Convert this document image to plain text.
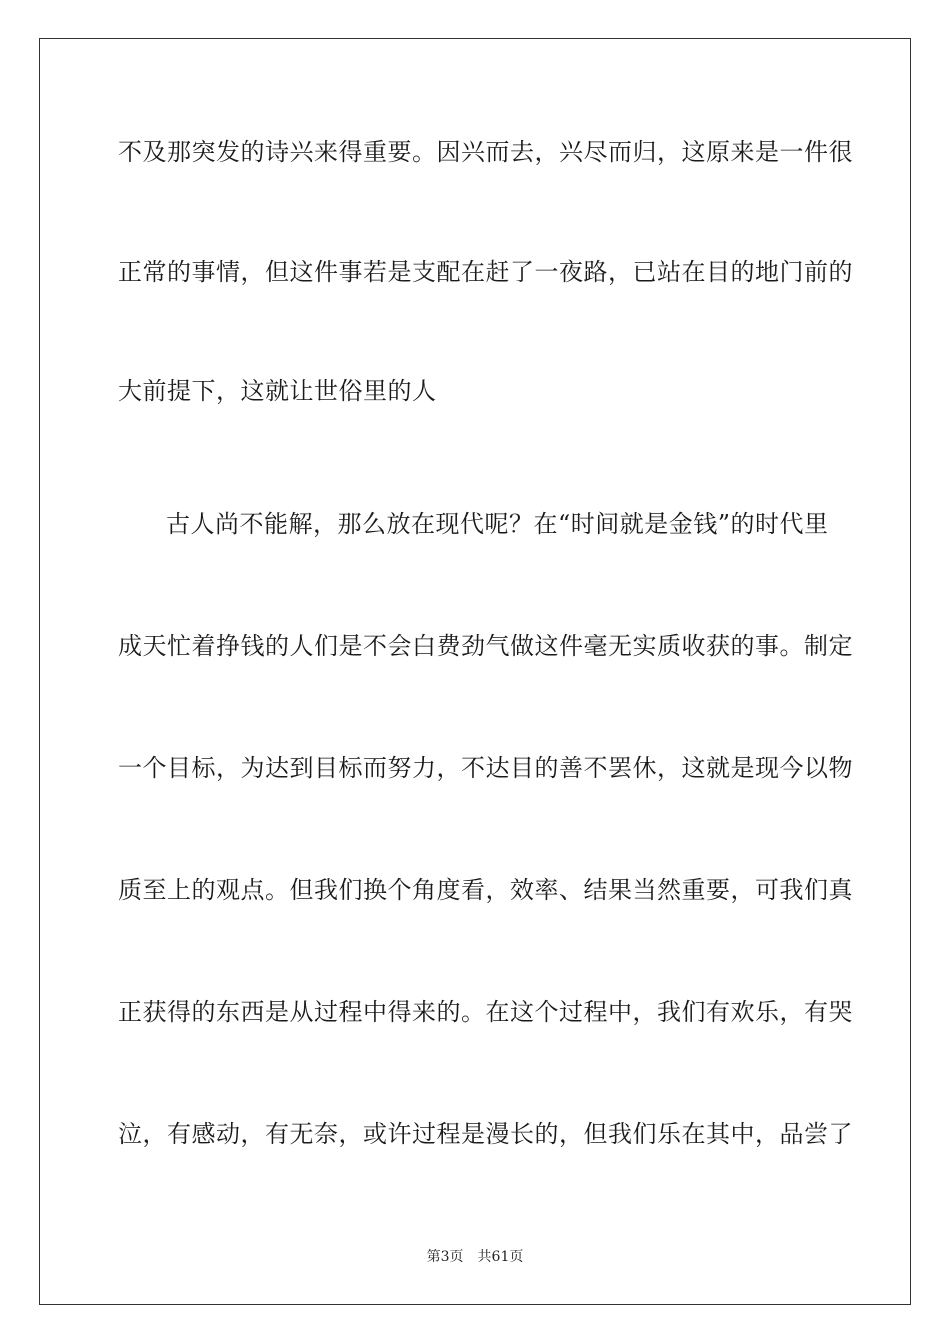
不及那突发的诗兴来得重要。因兴而去，兴尽而归，这原来是一件很
正常的事情，但这件事若是支配在赶了一夜路，已站在目的地门前的
大前提下，这就让世俗里的人
古人尚不能解，那么放在现代呢？在“时间就是金钱”的时代里
成天忙着挣钱的人们是不会白费劲气做这件毫无实质收获的事。制定
一个目标，为达到目标而努力，不达目的善不罢休，这就是现今以物
质至上的观点。但我们换个角度看，效率、结果当然重要，可我们真
正获得的东西是从过程中得来的。在这个过程中，我们有欢乐，有哭
泣，有感动，有无奈，或许过程是漫长的，但我们乐在其中，品尝了
第3页 共61页
